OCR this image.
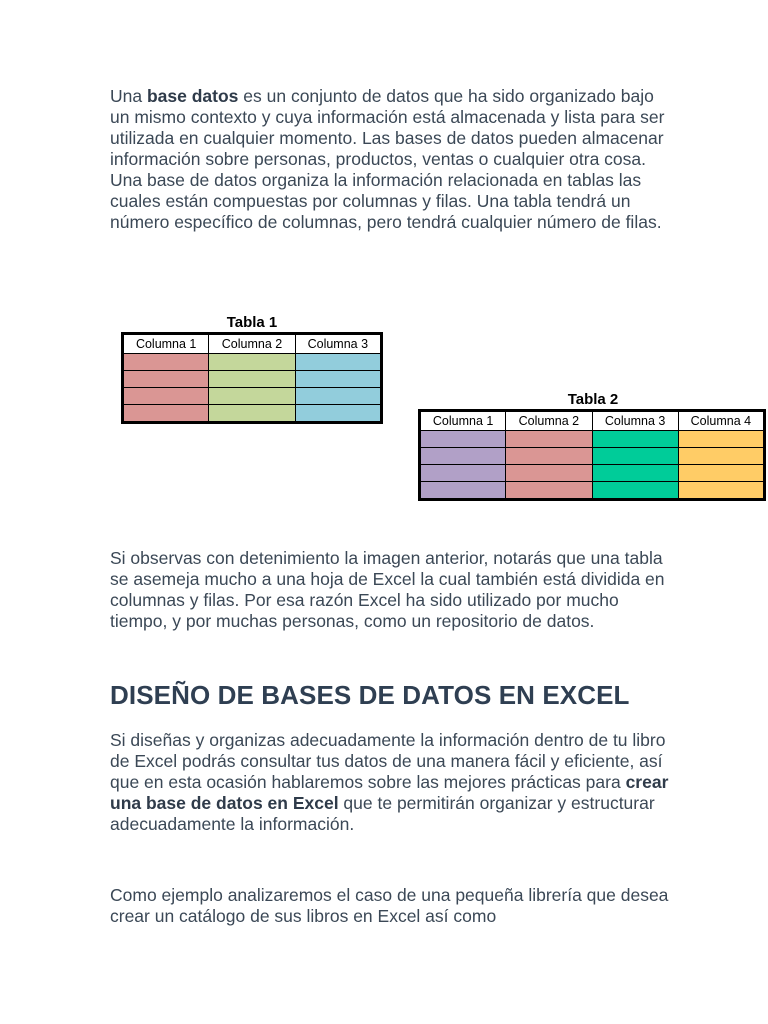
Una base datos es un conjunto de datos que ha sido organizado bajo un mismo contexto y cuya información está almacenada y lista para ser utilizada en cualquier momento. Las bases de datos pueden almacenar información sobre personas, productos, ventas o cualquier otra cosa.
Una base de datos organiza la información relacionada en tablas las cuales están compuestas por columnas y filas. Una tabla tendrá un número específico de columnas, pero tendrá cualquier número de filas.

Tabla 1
Columna 1	Columna 2	Columna 3

Tabla 2
Columna 1	Columna 2	Columna 3	Columna 4

Si observas con detenimiento la imagen anterior, notarás que una tabla se asemeja mucho a una hoja de Excel la cual también está dividida en columnas y filas. Por esa razón Excel ha sido utilizado por mucho tiempo, y por muchas personas, como un repositorio de datos.

DISEÑO DE BASES DE DATOS EN EXCEL

Si diseñas y organizas adecuadamente la información dentro de tu libro de Excel podrás consultar tus datos de una manera fácil y eficiente, así que en esta ocasión hablaremos sobre las mejores prácticas para crear una base de datos en Excel que te permitirán organizar y estructurar adecuadamente la información.

Como ejemplo analizaremos el caso de una pequeña librería que desea crear un catálogo de sus libros en Excel así como
